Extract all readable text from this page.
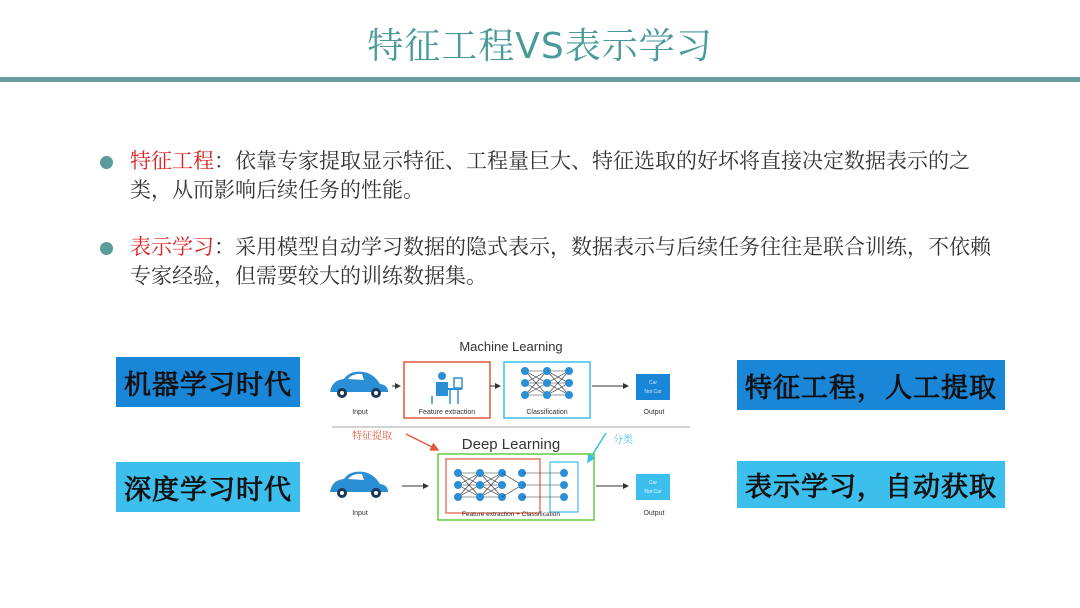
特征工程VS表示学习
特征工程：依靠专家提取显示特征、工程量巨大、特征选取的好坏将直接决定数据表示的之类，从而影响后续任务的性能。
表示学习：采用模型自动学习数据的隐式表示，数据表示与后续任务往往是联合训练，不依赖专家经验，但需要较大的训练数据集。
机器学习时代
深度学习时代
特征工程，人工提取
表示学习，自动获取
Machine Learning
Input	Feature extraction	Classification
Car
Not Car
Output
特征提取	分类
Deep Learning
Input	Feature extraction + Classification
Car
Not Car
Output
